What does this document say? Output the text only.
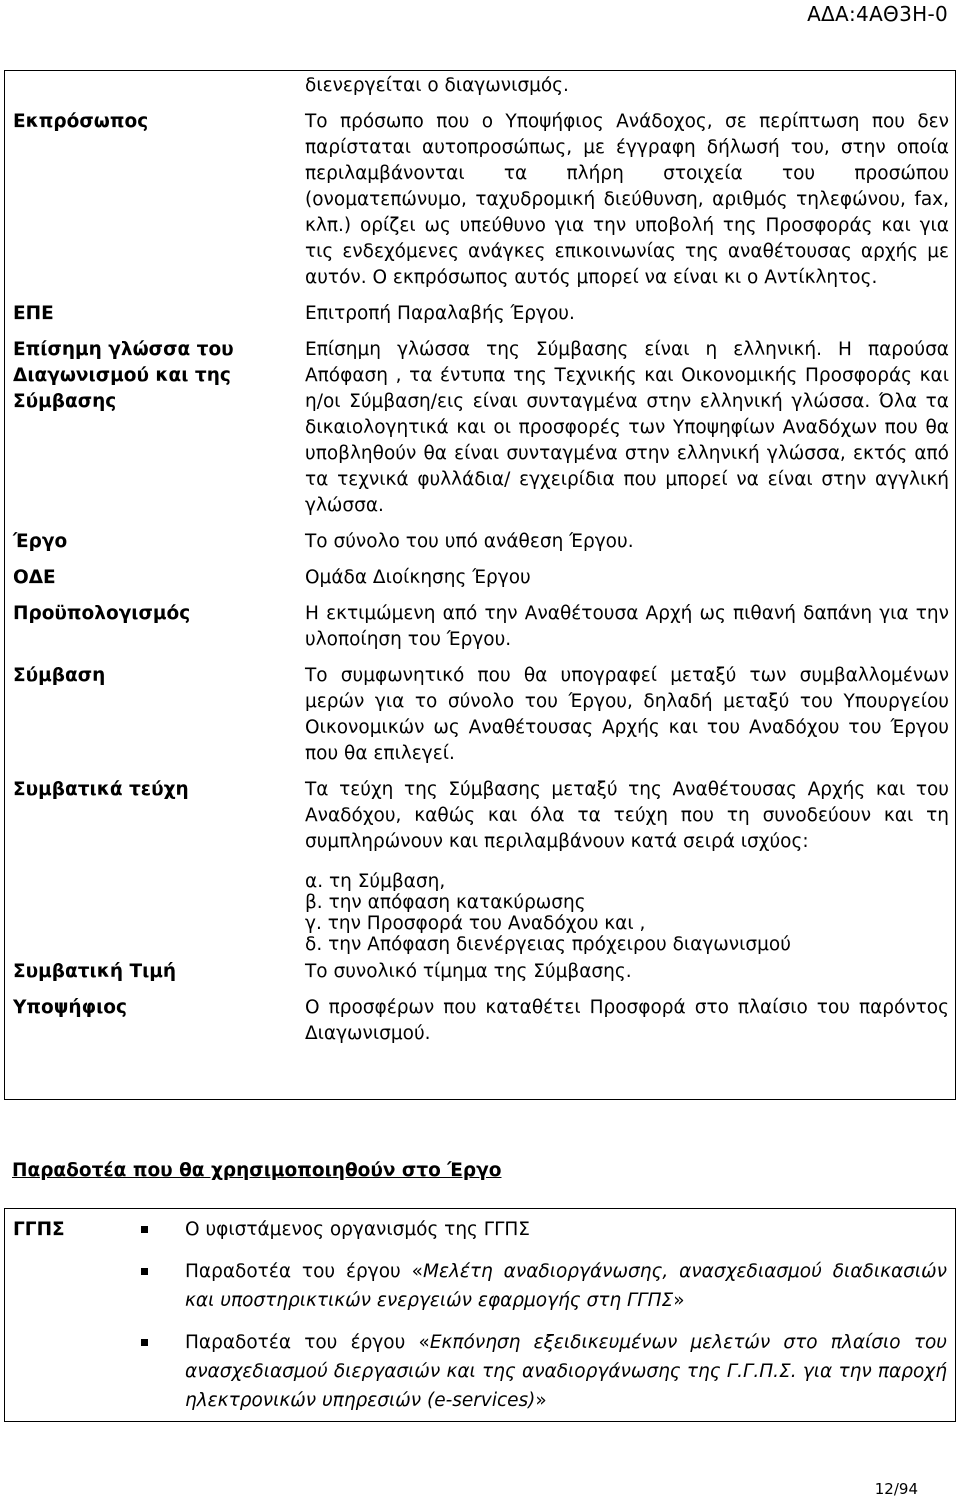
ΑΔΑ:4ΑΘ3Η-0
	διενεργείται ο διαγωνισμός.
Εκπρόσωπος	Το πρόσωπο που ο Υποψήφιος Ανάδοχος, σε περίπτωση που δεν παρίσταται αυτοπροσώπως, με έγγραφη δήλωσή του, στην οποία περιλαμβάνονται τα πλήρη στοιχεία του προσώπου (ονοματεπώνυμο, ταχυδρομική διεύθυνση, αριθμός τηλεφώνου, fax, κλπ.) ορίζει ως υπεύθυνο για την υποβολή της Προσφοράς και για τις ενδεχόμενες ανάγκες επικοινωνίας της αναθέτουσας αρχής με αυτόν. Ο εκπρόσωπος αυτός μπορεί να είναι κι ο Αντίκλητος.
ΕΠΕ	Επιτροπή Παραλαβής Έργου.
Επίσημη γλώσσα του Διαγωνισμού και της Σύμβασης	Επίσημη γλώσσα της Σύμβασης είναι η ελληνική. Η παρούσα Απόφαση , τα έντυπα της Τεχνικής και Οικονομικής Προσφοράς και η/οι Σύμβαση/εις είναι συνταγμένα στην ελληνική γλώσσα. Όλα τα δικαιολογητικά και οι προσφορές των Υποψηφίων Αναδόχων που θα υποβληθούν θα είναι συνταγμένα στην ελληνική γλώσσα, εκτός από τα τεχνικά φυλλάδια/ εγχειρίδια που μπορεί να είναι στην αγγλική γλώσσα.
Έργο	Το σύνολο του υπό ανάθεση Έργου.
ΟΔΕ	Ομάδα Διοίκησης Έργου
Προϋπολογισμός	Η εκτιμώμενη από την Αναθέτουσα Αρχή ως πιθανή δαπάνη για την υλοποίηση του Έργου.
Σύμβαση	Το συμφωνητικό που θα υπογραφεί μεταξύ των συμβαλλομένων μερών για το σύνολο του Έργου, δηλαδή μεταξύ του Υπουργείου Οικονομικών ως Αναθέτουσας Αρχής και του Αναδόχου του Έργου που θα επιλεγεί.
Συμβατικά τεύχη	Τα τεύχη της Σύμβασης μεταξύ της Αναθέτουσας Αρχής και του Αναδόχου, καθώς και όλα τα τεύχη που τη συνοδεύουν και τη συμπληρώνουν και περιλαμβάνουν κατά σειρά ισχύος:
α. τη Σύμβαση,
β. την απόφαση κατακύρωσης
γ. την Προσφορά του Αναδόχου και ,
δ. την Απόφαση διενέργειας πρόχειρου διαγωνισμού

Συμβατική Τιμή	Το συνολικό τίμημα της Σύμβασης.
Υποψήφιος	Ο προσφέρων που καταθέτει Προσφορά στο πλαίσιο του παρόντος Διαγωνισμού.
Παραδοτέα που θα χρησιμοποιηθούν στο Έργο
ΓΓΠΣ	Ο υφιστάμενος οργανισμός της ΓΓΠΣ
Παραδοτέα του έργου «Μελέτη αναδιοργάνωσης, ανασχεδιασμού διαδικασιών και υποστηρικτικών ενεργειών εφαρμογής στη ΓΓΠΣ»
Παραδοτέα του έργου «Εκπόνηση εξειδικευμένων μελετών στο πλαίσιο του ανασχεδιασμού διεργασιών και της αναδιοργάνωσης της Γ.Γ.Π.Σ. για την παροχή ηλεκτρονικών υπηρεσιών (e-services)»
12/94
